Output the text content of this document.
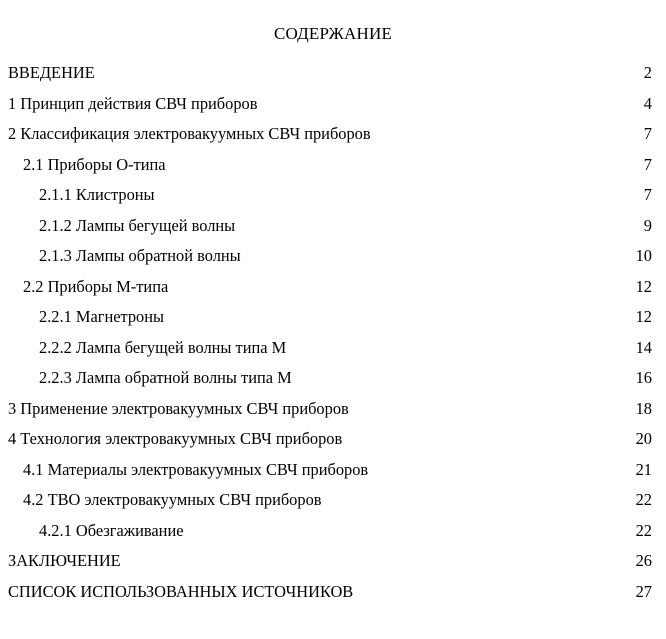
СОДЕРЖАНИЕ
ВВЕДЕНИЕ	2
1 Принцип действия СВЧ приборов	4
2 Классификация электровакуумных СВЧ приборов	7
2.1 Приборы О-типа	7
2.1.1 Клистроны	7
2.1.2 Лампы бегущей волны	9
2.1.3 Лампы обратной волны	10
2.2 Приборы М-типа	12
2.2.1 Магнетроны	12
2.2.2 Лампа бегущей волны типа М	14
2.2.3 Лампа обратной волны типа М	16
3 Применение электровакуумных СВЧ приборов	18
4 Технология электровакуумных СВЧ приборов	20
4.1 Материалы электровакуумных СВЧ приборов	21
4.2 ТВО электровакуумных СВЧ приборов	22
4.2.1 Обезгаживание	22
ЗАКЛЮЧЕНИЕ	26
СПИСОК ИСПОЛЬЗОВАННЫХ ИСТОЧНИКОВ	27
